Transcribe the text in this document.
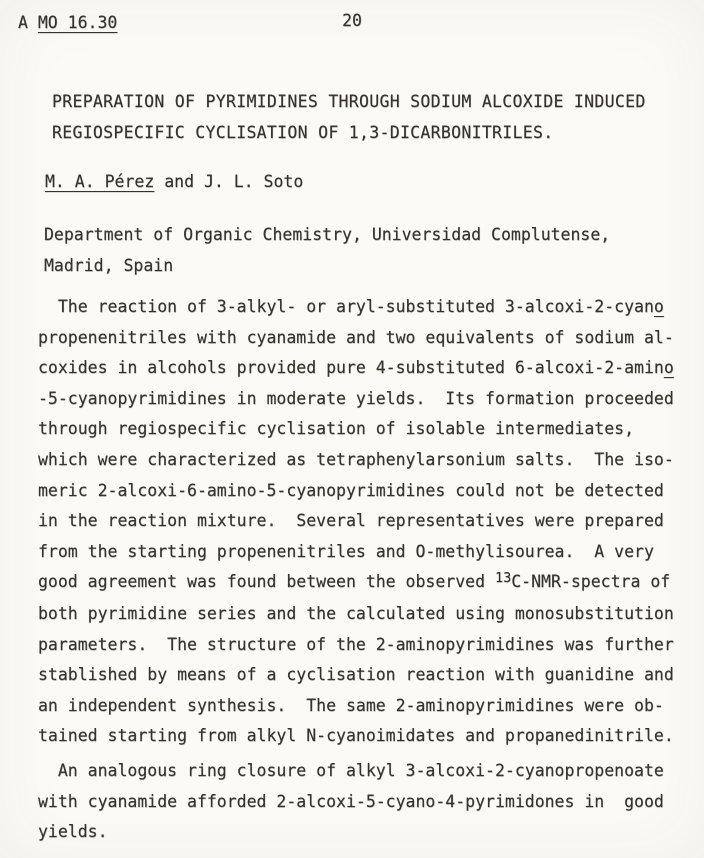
A MO 16.30	20
PREPARATION OF PYRIMIDINES THROUGH SODIUM ALCOXIDE INDUCED
REGIOSPECIFIC CYCLISATION OF 1,3-DICARBONITRILES.
M. A. Pérez and J. L. Soto
Department of Organic Chemistry, Universidad Complutense,
Madrid, Spain
The reaction of 3-alkyl- or aryl-substituted 3-alcoxi-2-cyano
propenenitriles with cyanamide and two equivalents of sodium al-
coxides in alcohols provided pure 4-substituted 6-alcoxi-2-amino
-5-cyanopyrimidines in moderate yields.  Its formation proceeded
through regiospecific cyclisation of isolable intermediates,
which were characterized as tetraphenylarsonium salts.  The iso-
meric 2-alcoxi-6-amino-5-cyanopyrimidines could not be detected
in the reaction mixture.  Several representatives were prepared
from the starting propenenitriles and O-methylisourea.  A very
good agreement was found between the observed $^{13}$C-NMR-spectra of
both pyrimidine series and the calculated using monosubstitution
parameters.  The structure of the 2-aminopyrimidines was further
stablished by means of a cyclisation reaction with guanidine and
an independent synthesis.  The same 2-aminopyrimidines were ob-
tained starting from alkyl N-cyanoimidates and propanedinitrile.
An analogous ring closure of alkyl 3-alcoxi-2-cyanopropenoate
with cyanamide afforded 2-alcoxi-5-cyano-4-pyrimidones in  good
yields.
